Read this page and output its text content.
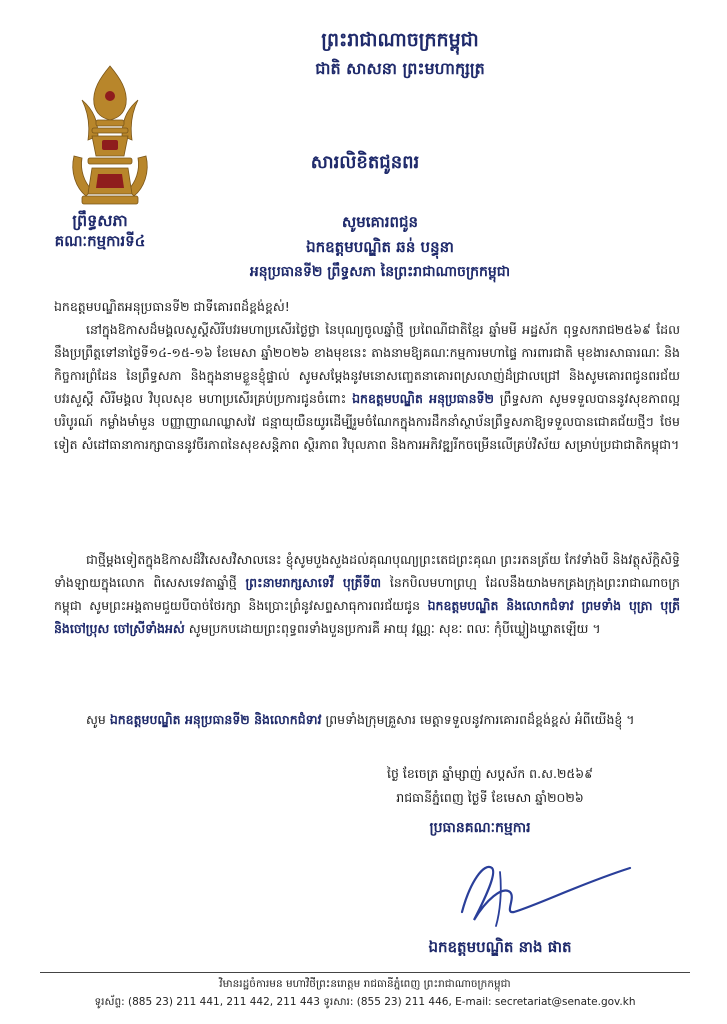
ព្រះរាជាណាចក្រកម្ពុជា
ជាតិ សាសនា ព្រះមហាក្សត្រ
ព្រឹទ្ធសភា
គណៈកម្មការទី៤
សារលិខិតជូនពរ
សូមគោរពជូន
ឯកឧត្តមបណ្ឌិត ឆន់ បន្ធុនា
អនុប្រធានទី២ ព្រឹទ្ធសភា នៃព្រះរាជាណាចក្រកម្ពុជា
ឯកឧត្តមបណ្ឌិតអនុប្រធានទី២ ជាទីគោរពដ៏ខ្ពង់ខ្ពស់!
នៅក្នុងឱកាសដ៏មង្គលសួស្តីសិរីបវរមហាប្រសើរថ្ងៃថ្លា នៃបុណ្យចូលឆ្នាំថ្មី ប្រពៃណីជាតិខ្មែរ ឆ្នាំមមី អដ្ឋស័ក ពុទ្ធសករាជ២៥៦៩ ដែលនឹងប្រព្រឹត្តទៅនាថ្ងៃទី១៤-១៥-១៦ ខែមេសា ឆ្នាំ២០២៦ ខាងមុខនេះ តាងនាមឱ្យគណៈកម្មការមហាផ្ទៃ ការពារជាតិ មុខងារសាធារណៈ និងកិច្ចការព្រំដែន នៃព្រឹទ្ធសភា និងក្នុងនាមខ្លួនខ្ញុំផ្ទាល់ សូមសម្តែងនូវមនោសញ្ចេតនាគោរពស្រលាញ់ដ៏ជ្រាលជ្រៅ និងសូមគោរពជូនពរជ័យ បវរសួស្តី សិរីមង្គល វិបុលសុខ មហាប្រសើរគ្រប់ប្រការជូនចំពោះ ឯកឧត្តមបណ្ឌិត អនុប្រធានទី២ ព្រឹទ្ធសភា សូមទទួលបាននូវសុខភាពល្អបរិបូរណ៍ កម្លាំងមាំមួន បញ្ញាញាណឈ្លាសវៃ ជន្មាយុយឺនយូរដើម្បីរួមចំណែកក្នុងការដឹកនាំស្ថាប័នព្រឹទ្ធសភាឱ្យទទួលបានជោគជ័យថ្មីៗ ថែមទៀត សំដៅធានាការក្សាបាននូវចីរភាពនៃសុខសន្តិភាព ស្ថិរភាព វិបុលភាព និងការអភិវឌ្ឍរីកចម្រើនលើគ្រប់វិស័យ សម្រាប់ប្រជាជាតិកម្ពុជា។
ជាថ្មីម្តងទៀតក្នុងឱកាសដ៏វិសេសវិសាលនេះ ខ្ញុំសូមបួងសួងដល់គុណបុណ្យព្រះតេជព្រះគុណ ព្រះរតនត្រ័យ កែវទាំងបី និងវត្ថុស័ក្តិសិទ្ធិទាំងឡាយក្នុងលោក ពិសេសទេវតាឆ្នាំថ្មី ព្រះនាមរាក្សសាទេវី បុត្រីទី៣ នៃកបិលមហាព្រហ្ម ដែលនឹងយាងមកគ្រងក្រុងព្រះរាជាណាចក្រកម្ពុជា សូមព្រះអង្គតាមជួយបីបាច់ថែរក្សា និងប្រោះព្រំនូវសព្ទសាធុការពរជ័យជូន ឯកឧត្តមបណ្ឌិត និងលោកជំទាវ ព្រមទាំង បុត្រា បុត្រី និងចៅប្រុស ចៅស្រីទាំងអស់ សូមប្រកបដោយព្រះពុទ្ធពរទាំងបួនប្រការគឺ អាយុ វណ្ណៈ សុខៈ ពលៈ កុំបីឃ្លៀងឃ្លាតឡើយ ។
សូម ឯកឧត្តមបណ្ឌិត អនុប្រធានទី២ និងលោកជំទាវ ព្រមទាំងក្រុមគ្រួសារ មេត្តាទទួលនូវការគោរពដ៏ខ្ពង់ខ្ពស់ អំពីយើងខ្ញុំ ។
ថ្ងៃ ខែចេត្រ ឆ្នាំម្សាញ់ សប្តស័ក ព.ស.២៥៦៩
រាជធានីភ្នំពេញ ថ្ងៃទី ខែមេសា ឆ្នាំ២០២៦
ប្រធានគណៈកម្មការ
ឯកឧត្តមបណ្ឌិត នាង ផាត
វិមានរដ្ឋចំការមន មហាវិថីព្រះនរោត្តម រាជធានីភ្នំពេញ ព្រះរាជាណាចក្រកម្ពុជា
ទូរស័ព្ទ: (885 23) 211 441, 211 442, 211 443 ទូរសារ: (855 23) 211 446, E-mail: secretariat@senate.gov.kh
